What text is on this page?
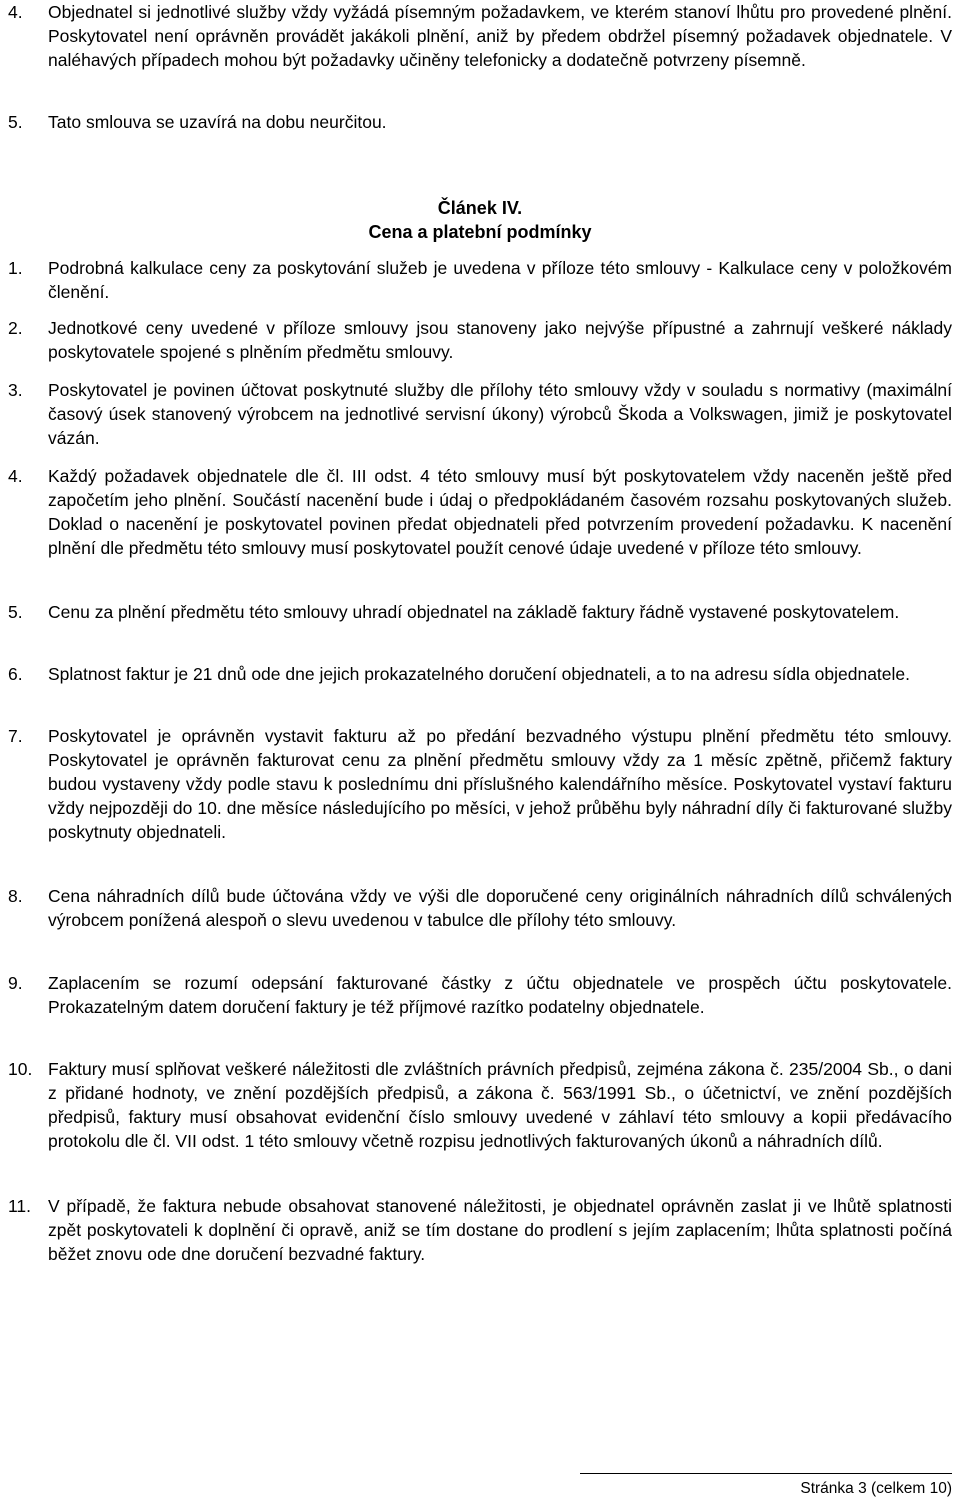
4.	Objednatel si jednotlivé služby vždy vyžádá písemným požadavkem, ve kterém stanoví lhůtu pro provedené plnění. Poskytovatel není oprávněn provádět jakákoli plnění, aniž by předem obdržel písemný požadavek objednatele. V naléhavých případech mohou být požadavky učiněny telefonicky a dodatečně potvrzeny písemně.
5.	Tato smlouva se uzavírá na dobu neurčitou.
Článek IV.
Cena a platební podmínky
1.	Podrobná kalkulace ceny za poskytování služeb je uvedena v příloze této smlouvy - Kalkulace ceny v položkovém členění.
2.	Jednotkové ceny uvedené v příloze smlouvy jsou stanoveny jako nejvýše přípustné a zahrnují veškeré náklady poskytovatele spojené s plněním předmětu smlouvy.
3.	Poskytovatel je povinen účtovat poskytnuté služby dle přílohy této smlouvy vždy v souladu s normativy (maximální časový úsek stanovený výrobcem na jednotlivé servisní úkony) výrobců Škoda a Volkswagen, jimiž je poskytovatel vázán.
4.	Každý požadavek objednatele dle čl. III odst. 4 této smlouvy musí být poskytovatelem vždy naceněn ještě před započetím jeho plnění. Součástí nacenění bude i údaj o předpokládaném časovém rozsahu poskytovaných služeb. Doklad o nacenění je poskytovatel povinen předat objednateli před potvrzením provedení požadavku. K nacenění plnění dle předmětu této smlouvy musí poskytovatel použít cenové údaje uvedené v příloze této smlouvy.
5.	Cenu za plnění předmětu této smlouvy uhradí objednatel na základě faktury řádně vystavené poskytovatelem.
6.	Splatnost faktur je 21 dnů ode dne jejich prokazatelného doručení objednateli, a to na adresu sídla objednatele.
7.	Poskytovatel je oprávněn vystavit fakturu až po předání bezvadného výstupu plnění předmětu této smlouvy. Poskytovatel je oprávněn fakturovat cenu za plnění předmětu smlouvy vždy za 1 měsíc zpětně, přičemž faktury budou vystaveny vždy podle stavu k poslednímu dni příslušného kalendářního měsíce. Poskytovatel vystaví fakturu vždy nejpozději do 10. dne měsíce následujícího po měsíci, v jehož průběhu byly náhradní díly či fakturované služby poskytnuty objednateli.
8.	Cena náhradních dílů bude účtována vždy ve výši dle doporučené ceny originálních náhradních dílů schválených výrobcem ponížená alespoň o slevu uvedenou v tabulce dle přílohy této smlouvy.
9.	Zaplacením se rozumí odepsání fakturované částky z účtu objednatele ve prospěch účtu poskytovatele. Prokazatelným datem doručení faktury je též příjmové razítko podatelny objednatele.
10. Faktury musí splňovat veškeré náležitosti dle zvláštních právních předpisů, zejména zákona č. 235/2004 Sb., o dani z přidané hodnoty, ve znění pozdějších předpisů, a zákona č. 563/1991 Sb., o účetnictví, ve znění pozdějších předpisů, faktury musí obsahovat evidenční číslo smlouvy uvedené v záhlaví této smlouvy a kopii předávacího protokolu dle čl. VII odst. 1 této smlouvy včetně rozpisu jednotlivých fakturovaných úkonů a náhradních dílů.
11. V případě, že faktura nebude obsahovat stanovené náležitosti, je objednatel oprávněn zaslat ji ve lhůtě splatnosti zpět poskytovateli k doplnění či opravě, aniž se tím dostane do prodlení s jejím zaplacením; lhůta splatnosti počíná běžet znovu ode dne doručení bezvadné faktury.
Stránka 3 (celkem 10)
